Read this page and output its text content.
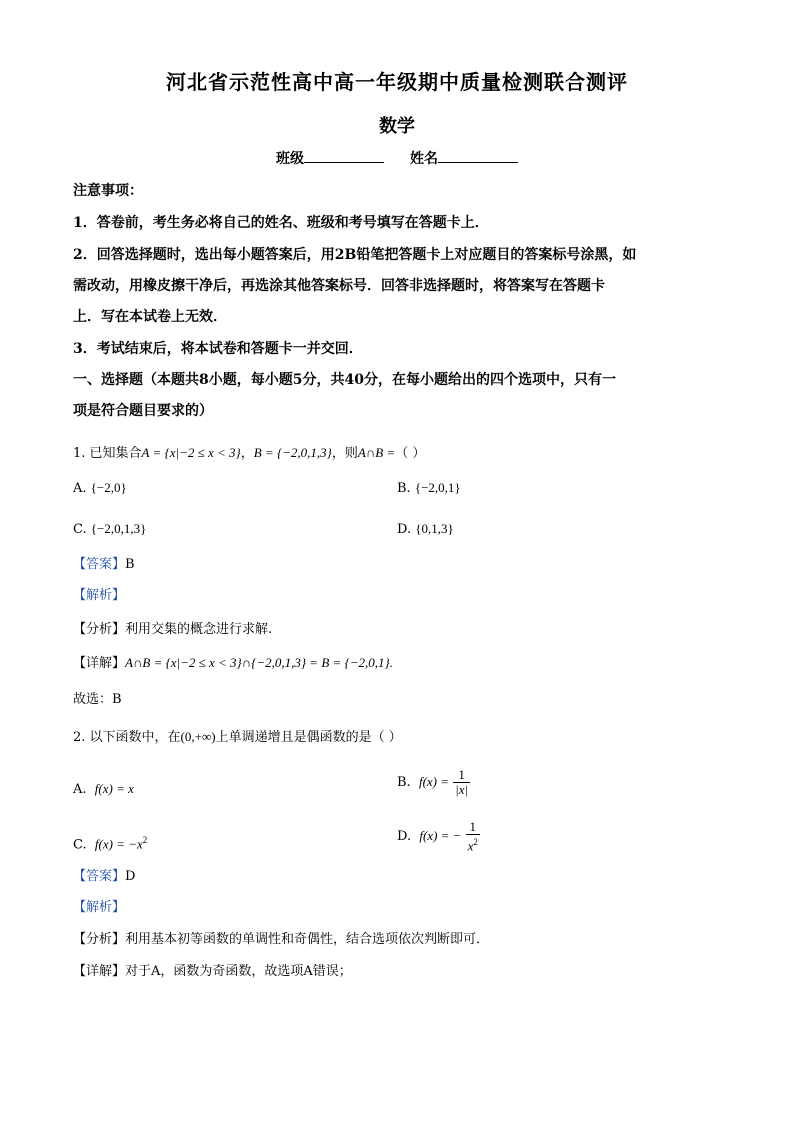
河北省示范性高中高一年级期中质量检测联合测评
数学
班级	姓名
注意事项：
1．答卷前，考生务必将自己的姓名、班级和考号填写在答题卡上．
2．回答选择题时，选出每小题答案后，用2B铅笔把答题卡上对应题目的答案标号涂黑，如
需改动，用橡皮擦干净后，再选涂其他答案标号．回答非选择题时，将答案写在答题卡
上．写在本试卷上无效．
3．考试结束后，将本试卷和答题卡一并交回．
一、选择题（本题共8小题，每小题5分，共40分，在每小题给出的四个选项中，只有一
项是符合题目要求的）
1. 已知集合A = {x|−2 ≤ x < 3}，B = {−2,0,1,3}，则A∩B =（ ）
A. {−2,0}	B. {−2,0,1}
C. {−2,0,1,3}	D. {0,1,3}
【答案】B
【解析】
【分析】利用交集的概念进行求解.
【详解】A∩B = {x|−2 ≤ x < 3}∩{−2,0,1,3} = B = {−2,0,1}.
故选：B
2. 以下函数中，在(0,+∞)上单调递增且是偶函数的是（ ）
A. f(x) = x	B. $f(x) = \frac{1}{|x|}$
C. $f(x) = -x^2$	D. f(x) = − $\frac{1}{x^2}$
【答案】D
【解析】
【分析】利用基本初等函数的单调性和奇偶性，结合选项依次判断即可．
【详解】对于A，函数为奇函数，故选项A错误；
